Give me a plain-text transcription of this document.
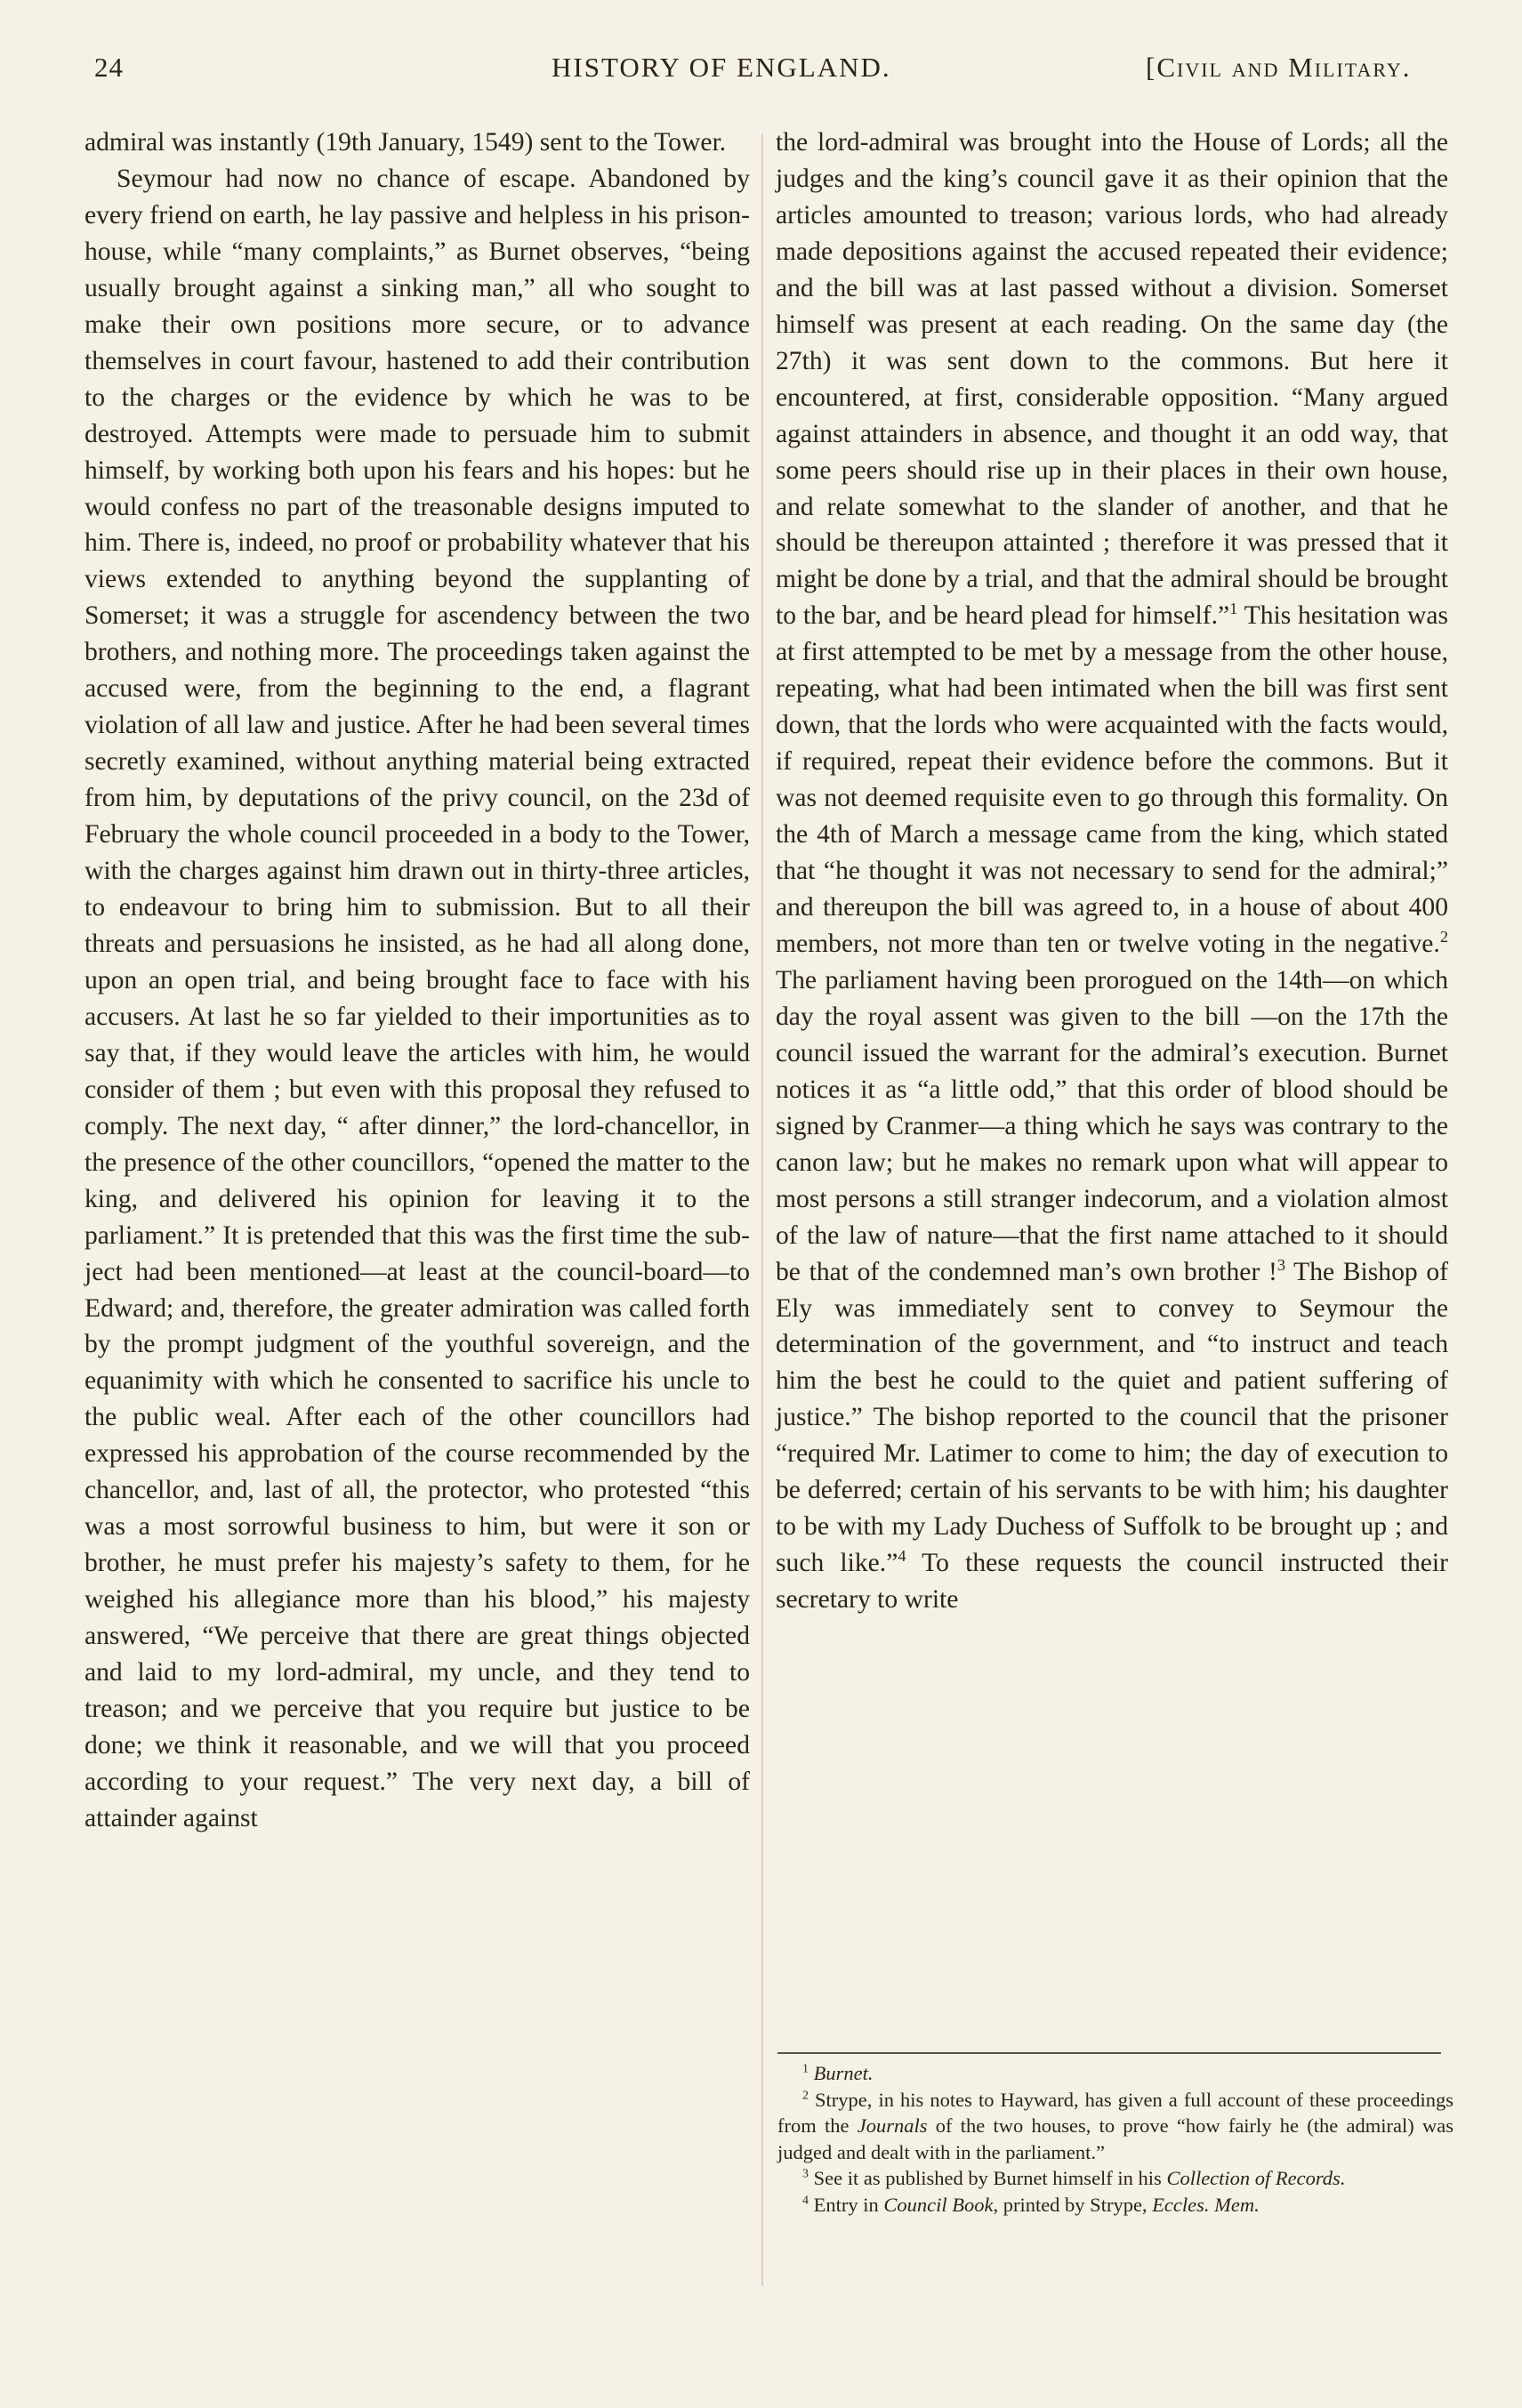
24	HISTORY OF ENGLAND.	[Civil and Military.

admiral was instantly (19th January, 1549) sent to the Tower.

Seymour had now no chance of escape. Abandoned by every friend on earth, he lay passive and helpless in his prison-house, while “many complaints,” as Burnet observes, “being usually brought against a sinking man,” all who sought to make their own positions more secure, or to advance themselves in court favour, hastened to add their contribution to the charges or the evidence by which he was to be destroyed. Attempts were made to persuade him to submit himself, by working both upon his fears and his hopes: but he would confess no part of the treasonable designs imputed to him. There is, indeed, no proof or probability whatever that his views extended to anything beyond the supplanting of Somerset; it was a struggle for ascendency between the two brothers, and nothing more. The proceedings taken against the accused were, from the beginning to the end, a flagrant violation of all law and justice. After he had been several times secretly examined, without anything material being extracted from him, by deputations of the privy council, on the 23d of February the whole council proceeded in a body to the Tower, with the charges against him drawn out in thirty-three articles, to endeavour to bring him to submission. But to all their threats and persuasions he insisted, as he had all along done, upon an open trial, and being brought face to face with his accusers. At last he so far yielded to their importunities as to say that, if they would leave the articles with him, he would consider of them ; but even with this proposal they refused to comply. The next day, “ after dinner,” the lord-chancellor, in the presence of the other councillors, “opened the matter to the king, and delivered his opinion for leaving it to the parliament.” It is pretended that this was the first time the subject had been mentioned—at least at the council-board—to Edward; and, therefore, the greater admiration was called forth by the prompt judgment of the youthful sovereign, and the equanimity with which he consented to sacrifice his uncle to the public weal. After each of the other councillors had expressed his approbation of the course recommended by the chancellor, and, last of all, the protector, who protested “this was a most sorrowful business to him, but were it son or brother, he must prefer his majesty’s safety to them, for he weighed his allegiance more than his blood,” his majesty answered, “We perceive that there are great things objected and laid to my lord-admiral, my uncle, and they tend to treason; and we perceive that you require but justice to be done; we think it reasonable, and we will that you proceed according to your request.” The very next day, a bill of attainder against

the lord-admiral was brought into the House of Lords; all the judges and the king’s council gave it as their opinion that the articles amounted to treason; various lords, who had already made depositions against the accused repeated their evidence; and the bill was at last passed without a division. Somerset himself was present at each reading. On the same day (the 27th) it was sent down to the commons. But here it encountered, at first, considerable opposition. “Many argued against attainders in absence, and thought it an odd way, that some peers should rise up in their places in their own house, and relate somewhat to the slander of another, and that he should be thereupon attainted ; therefore it was pressed that it might be done by a trial, and that the admiral should be brought to the bar, and be heard plead for himself.”$^1$ This hesitation was at first attempted to be met by a message from the other house, repeating, what had been intimated when the bill was first sent down, that the lords who were acquainted with the facts would, if required, repeat their evidence before the commons. But it was not deemed requisite even to go through this formality. On the 4th of March a message came from the king, which stated that “he thought it was not necessary to send for the admiral;” and thereupon the bill was agreed to, in a house of about 400 members, not more than ten or twelve voting in the negative.$^2$ The parliament having been prorogued on the 14th—on which day the royal assent was given to the bill —on the 17th the council issued the warrant for the admiral’s execution. Burnet notices it as “a little odd,” that this order of blood should be signed by Cranmer—a thing which he says was contrary to the canon law; but he makes no remark upon what will appear to most persons a still stranger indecorum, and a violation almost of the law of nature—that the first name attached to it should be that of the condemned man’s own brother !$^3$ The Bishop of Ely was immediately sent to convey to Seymour the determination of the government, and “to instruct and teach him the best he could to the quiet and patient suffering of justice.” The bishop reported to the council that the prisoner “required Mr. Latimer to come to him; the day of execution to be deferred; certain of his servants to be with him; his daughter to be with my Lady Duchess of Suffolk to be brought up ; and such like.”$^4$ To these requests the council instructed their secretary to write

$^1$ Burnet.

$^2$ Strype, in his notes to Hayward, has given a full account of these proceedings from the Journals of the two houses, to prove “how fairly he (the admiral) was judged and dealt with in the parliament.”

$^3$ See it as published by Burnet himself in his Collection of Records.

$^4$ Entry in Council Book, printed by Strype, Eccles. Mem.
